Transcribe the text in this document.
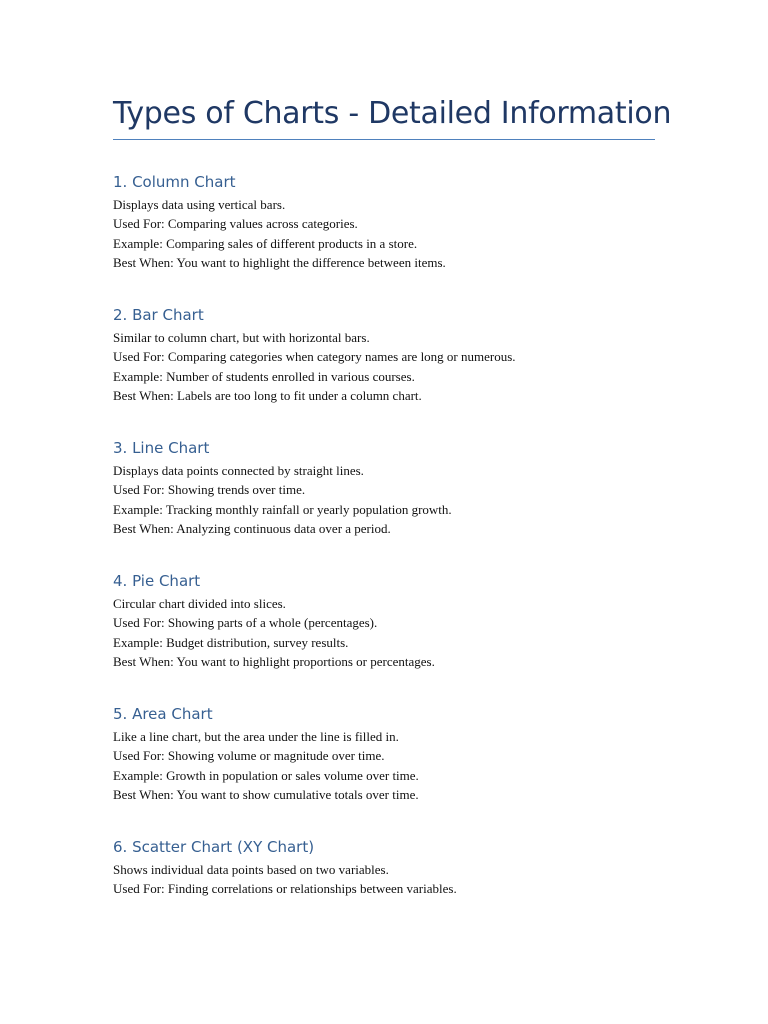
Types of Charts - Detailed Information
1. Column Chart

Displays data using vertical bars.

Used For: Comparing values across categories.

Example: Comparing sales of different products in a store.

Best When: You want to highlight the difference between items.

2. Bar Chart

Similar to column chart, but with horizontal bars.

Used For: Comparing categories when category names are long or numerous.

Example: Number of students enrolled in various courses.

Best When: Labels are too long to fit under a column chart.

3. Line Chart

Displays data points connected by straight lines.

Used For: Showing trends over time.

Example: Tracking monthly rainfall or yearly population growth.

Best When: Analyzing continuous data over a period.

4. Pie Chart

Circular chart divided into slices.

Used For: Showing parts of a whole (percentages).

Example: Budget distribution, survey results.

Best When: You want to highlight proportions or percentages.

5. Area Chart

Like a line chart, but the area under the line is filled in.

Used For: Showing volume or magnitude over time.

Example: Growth in population or sales volume over time.

Best When: You want to show cumulative totals over time.

6. Scatter Chart (XY Chart)

Shows individual data points based on two variables.

Used For: Finding correlations or relationships between variables.
